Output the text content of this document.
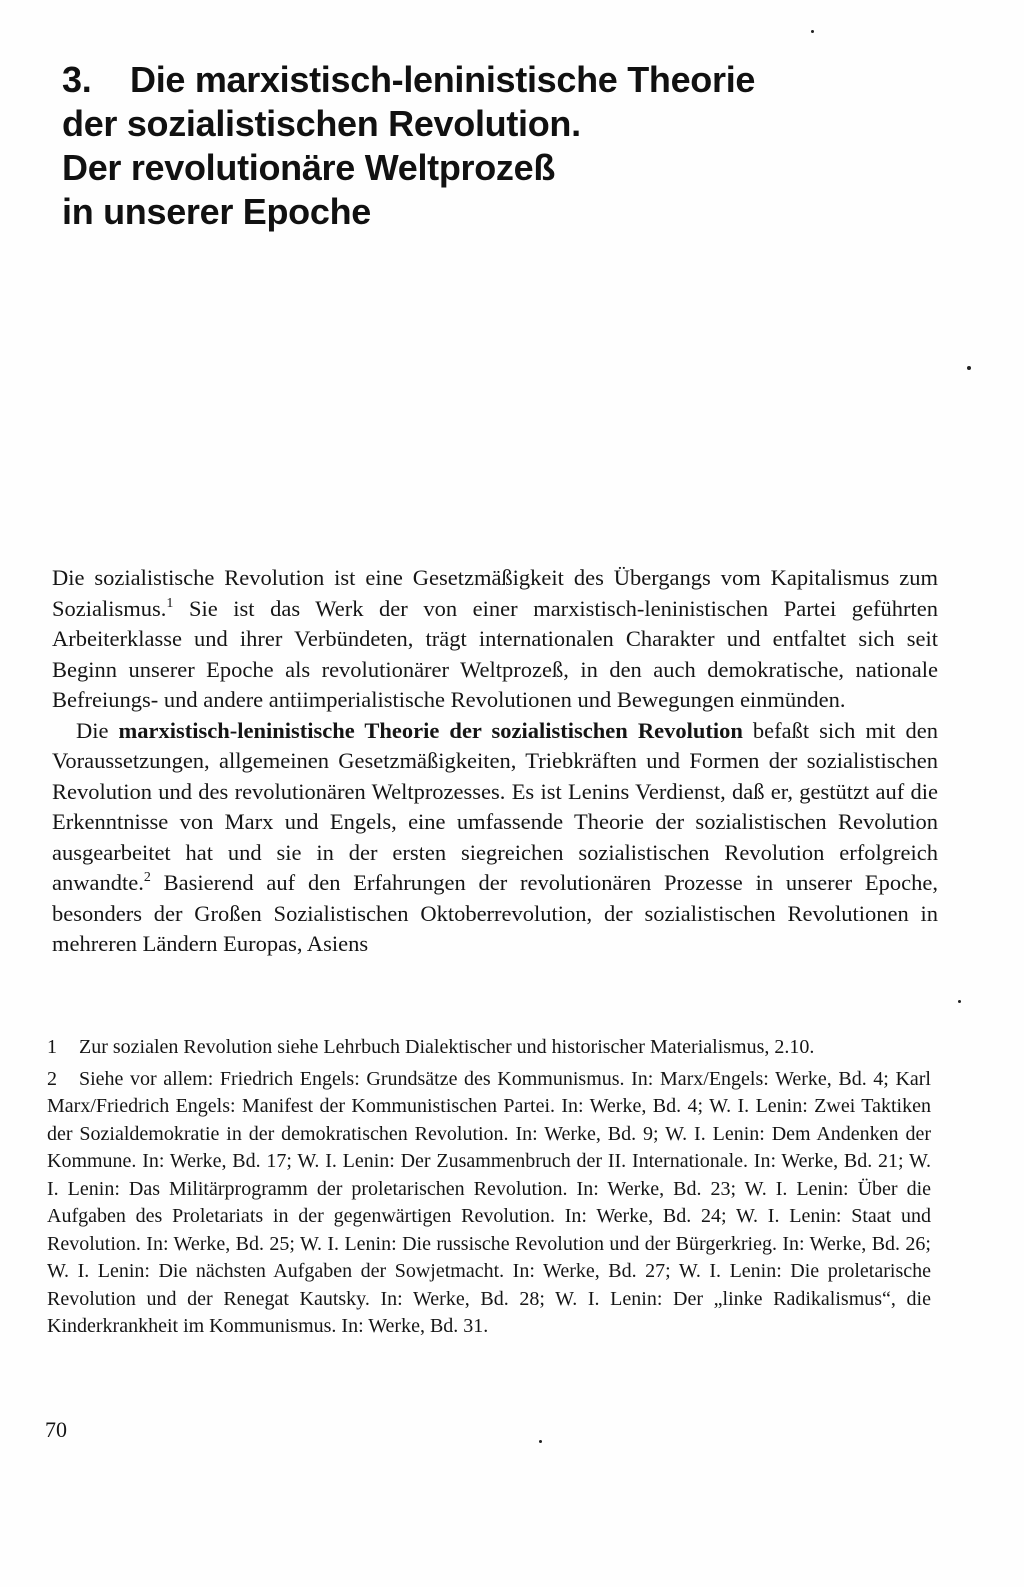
3. Die marxistisch-leninistische Theorie
der sozialistischen Revolution.
Der revolutionäre Weltprozeß
in unserer Epoche

Die sozialistische Revolution ist eine Gesetzmäßigkeit des Übergangs vom Kapitalismus zum Sozialismus.$^1$ Sie ist das Werk der von einer marxistisch-leninistischen Partei geführten Arbeiterklasse und ihrer Verbündeten, trägt internationalen Charakter und entfaltet sich seit Beginn unserer Epoche als revolutionärer Weltprozeß, in den auch demokratische, nationale Befreiungs- und andere antiimperialistische Revolutionen und Bewegungen einmünden.

Die marxistisch-leninistische Theorie der sozialistischen Revolution befaßt sich mit den Voraussetzungen, allgemeinen Gesetzmäßigkeiten, Triebkräften und Formen der sozialistischen Revolution und des revolutionären Weltprozesses. Es ist Lenins Verdienst, daß er, gestützt auf die Erkenntnisse von Marx und Engels, eine umfassende Theorie der sozialistischen Revolution ausgearbeitet hat und sie in der ersten siegreichen sozialistischen Revolution erfolgreich anwandte.$^2$ Basierend auf den Erfahrungen der revolutionären Prozesse in unserer Epoche, besonders der Großen Sozialistischen Oktoberrevolution, der sozialistischen Revolutionen in mehreren Ländern Europas, Asiens

1 Zur sozialen Revolution siehe Lehrbuch Dialektischer und historischer Materialismus, 2.10.

2 Siehe vor allem: Friedrich Engels: Grundsätze des Kommunismus. In: Marx/Engels: Werke, Bd. 4; Karl Marx/Friedrich Engels: Manifest der Kommunistischen Partei. In: Werke, Bd. 4; W. I. Lenin: Zwei Taktiken der Sozialdemokratie in der demokratischen Revolution. In: Werke, Bd. 9; W. I. Lenin: Dem Andenken der Kommune. In: Werke, Bd. 17; W. I. Lenin: Der Zusammenbruch der II. Internationale. In: Werke, Bd. 21; W. I. Lenin: Das Militärprogramm der proletarischen Revolution. In: Werke, Bd. 23; W. I. Lenin: Über die Aufgaben des Proletariats in der gegenwärtigen Revolution. In: Werke, Bd. 24; W. I. Lenin: Staat und Revolution. In: Werke, Bd. 25; W. I. Lenin: Die russische Revolution und der Bürgerkrieg. In: Werke, Bd. 26; W. I. Lenin: Die nächsten Aufgaben der Sowjetmacht. In: Werke, Bd. 27; W. I. Lenin: Die proletarische Revolution und der Renegat Kautsky. In: Werke, Bd. 28; W. I. Lenin: Der „linke Radikalismus“, die Kinderkrankheit im Kommunismus. In: Werke, Bd. 31.

70
